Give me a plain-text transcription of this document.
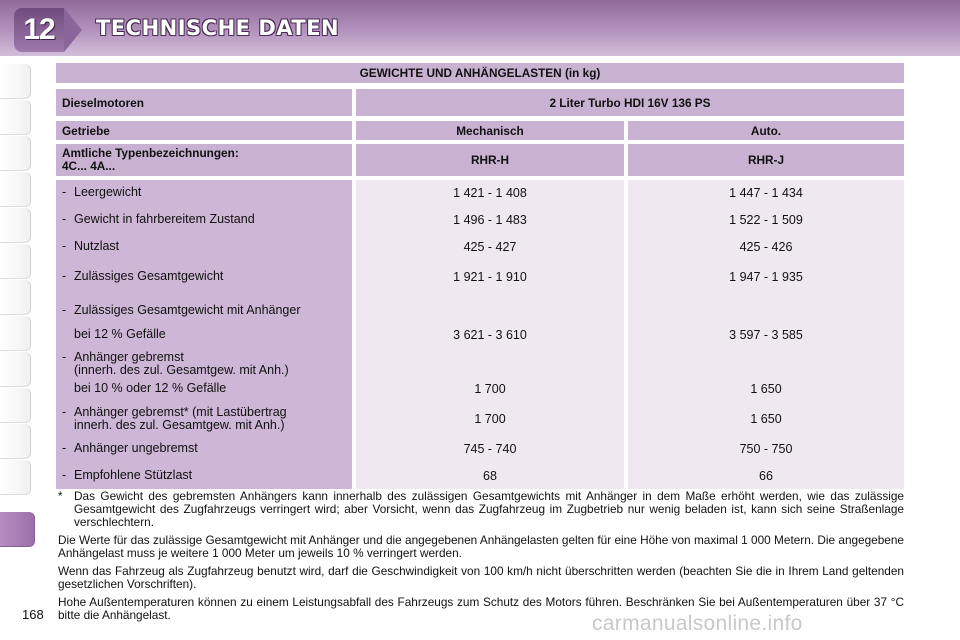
12	TECHNISCHE DATEN
GEWICHTE UND ANHÄNGELASTEN (in kg)
Dieselmotoren	2 Liter Turbo HDI 16V 136 PS
Getriebe	Mechanisch	Auto.
Amtliche Typenbezeichnungen:
4C... 4A...	RHR-H	RHR-J
- Leergewicht	1 421 - 1 408	1 447 - 1 434
- Gewicht in fahrbereitem Zustand	1 496 - 1 483	1 522 - 1 509
- Nutzlast	425 - 427	425 - 426
- Zulässiges Gesamtgewicht	1 921 - 1 910	1 947 - 1 935
- Zulässiges Gesamtgewicht mit Anhänger
bei 12 % Gefälle	3 621 - 3 610	3 597 - 3 585
- Anhänger gebremst
(innerh. des zul. Gesamtgew. mit Anh.)
bei 10 % oder 12 % Gefälle	1 700	1 650
- Anhänger gebremst* (mit Lastübertrag	1 700	1 650
innerh. des zul. Gesamtgew. mit Anh.)
- Anhänger ungebremst	745 - 740	750 - 750
- Empfohlene Stützlast	68	66
* Das Gewicht des gebremsten Anhängers kann innerhalb des zulässigen Gesamtgewichts mit Anhänger in dem Maße erhöht werden, wie das zulässige Gesamtgewicht des Zugfahrzeugs verringert wird; aber Vorsicht, wenn das Zugfahrzeug im Zugbetrieb nur wenig beladen ist, kann sich seine Straßenlage verschlechtern.

Die Werte für das zulässige Gesamtgewicht mit Anhänger und die angegebenen Anhängelasten gelten für eine Höhe von maximal 1 000 Metern. Die angegebene Anhängelast muss je weitere 1 000 Meter um jeweils 10 % verringert werden.

Wenn das Fahrzeug als Zugfahrzeug benutzt wird, darf die Geschwindigkeit von 100 km/h nicht überschritten werden (beachten Sie die in Ihrem Land geltenden gesetzlichen Vorschriften).

Hohe Außentemperaturen können zu einem Leistungsabfall des Fahrzeugs zum Schutz des Motors führen. Beschränken Sie bei Außentemperaturen über 37 °C bitte die Anhängelast.

168	carmanualsonline.info
